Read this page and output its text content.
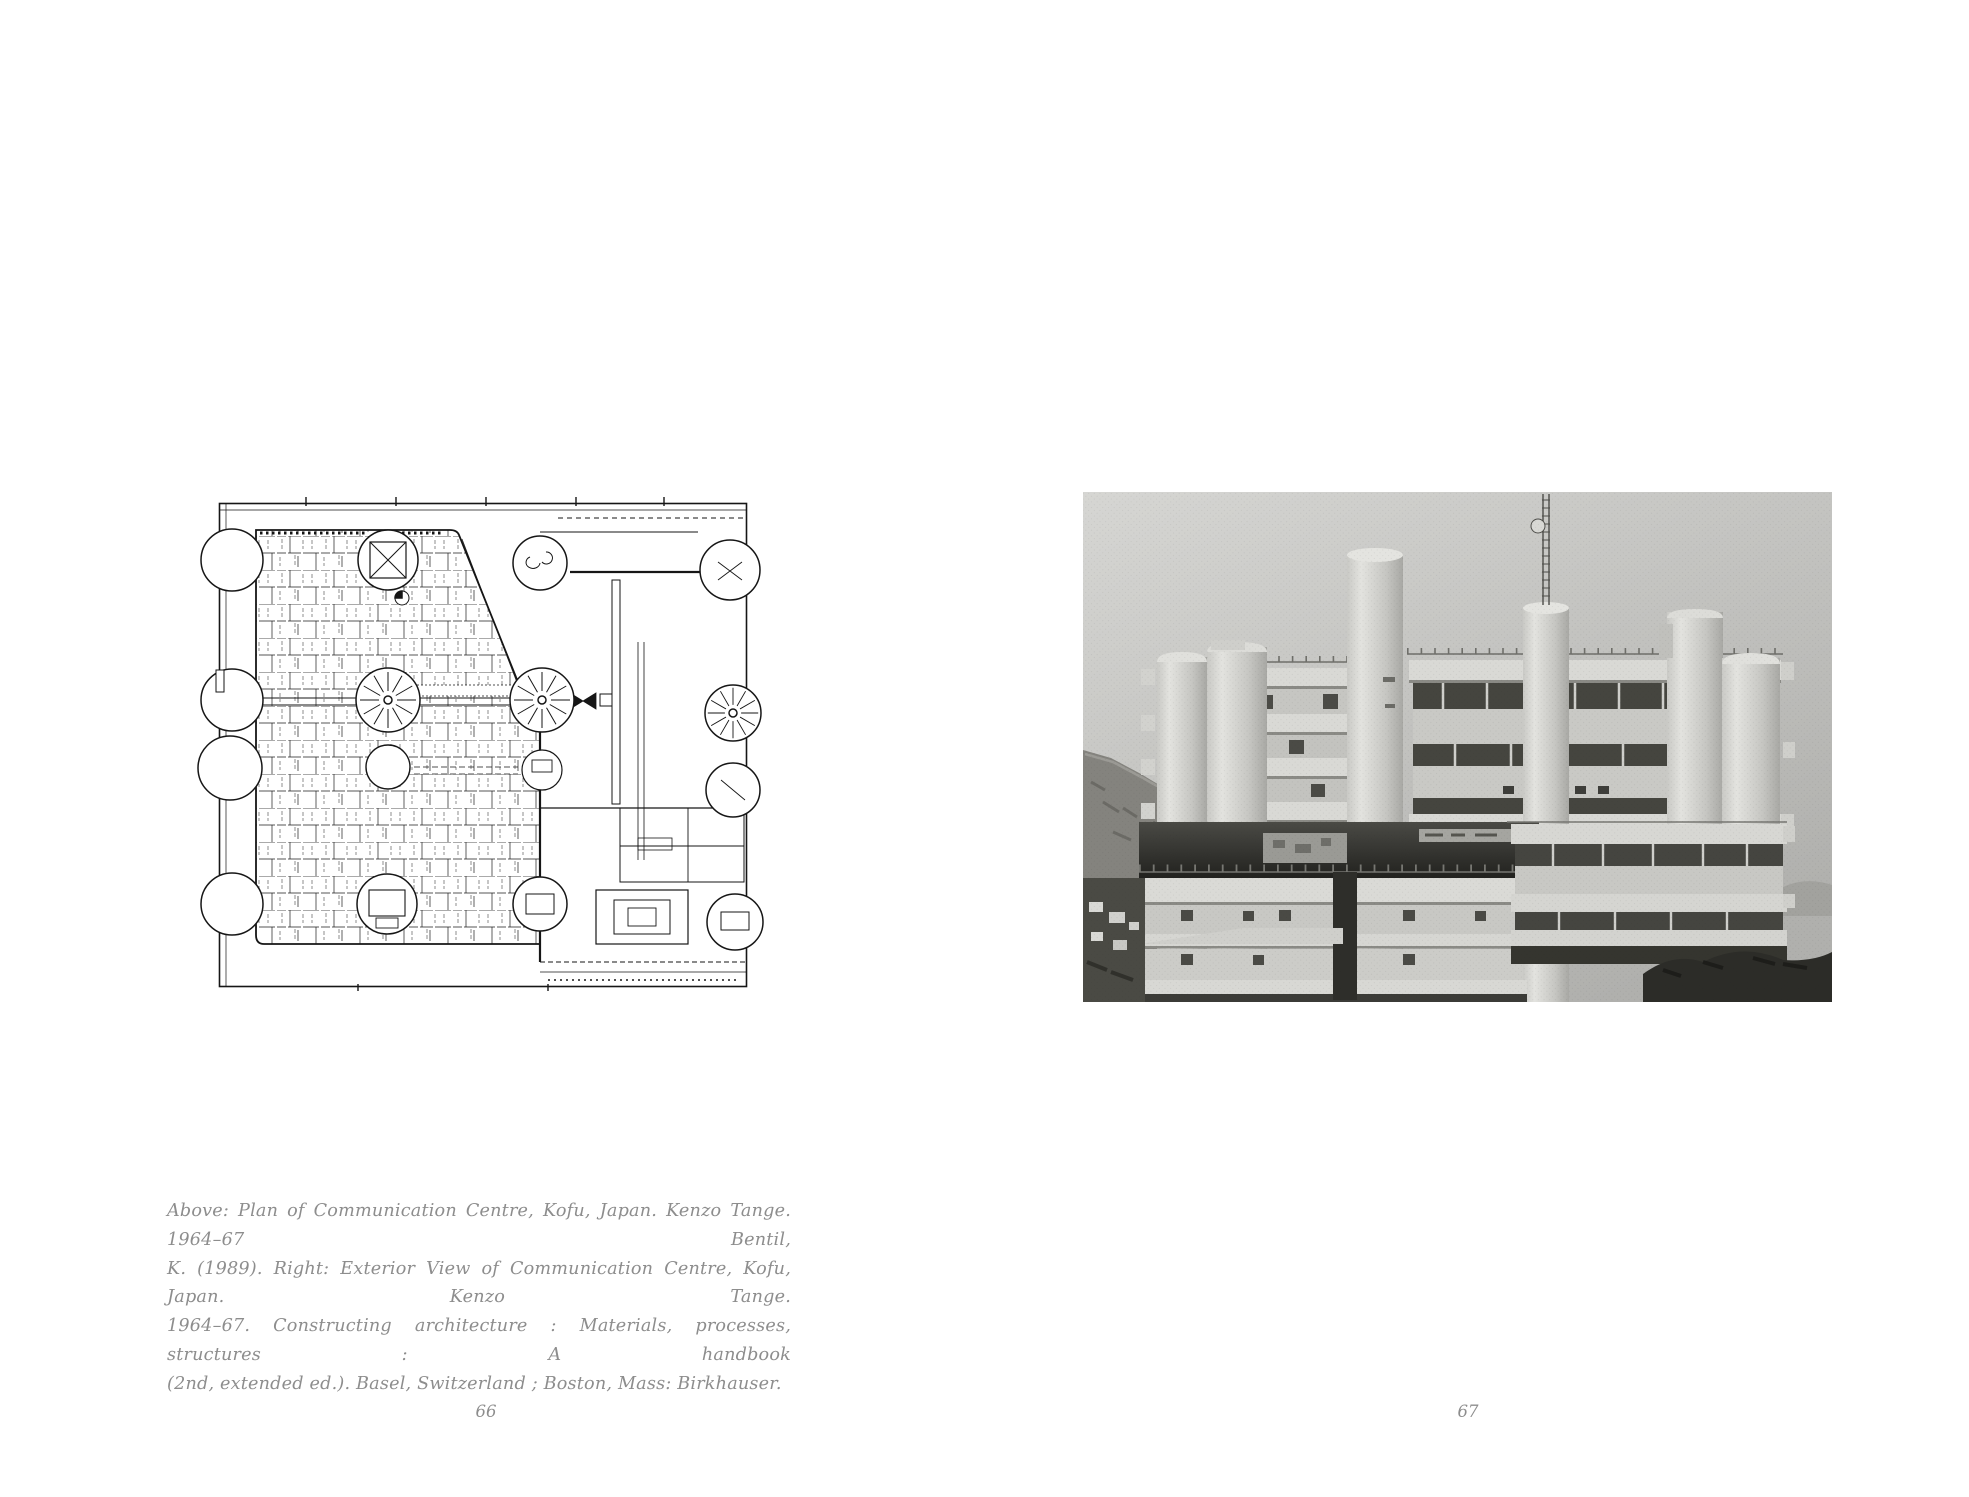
Above: Plan of Communication Centre, Kofu, Japan. Kenzo Tange. 1964–67 Bentil,
K. (1989). Right: Exterior View of Communication Centre, Kofu, Japan. Kenzo Tange.
1964–67. Constructing architecture : Materials, processes, structures : A handbook
(2nd, extended ed.). Basel, Switzerland ; Boston, Mass: Birkhauser.
66	67
